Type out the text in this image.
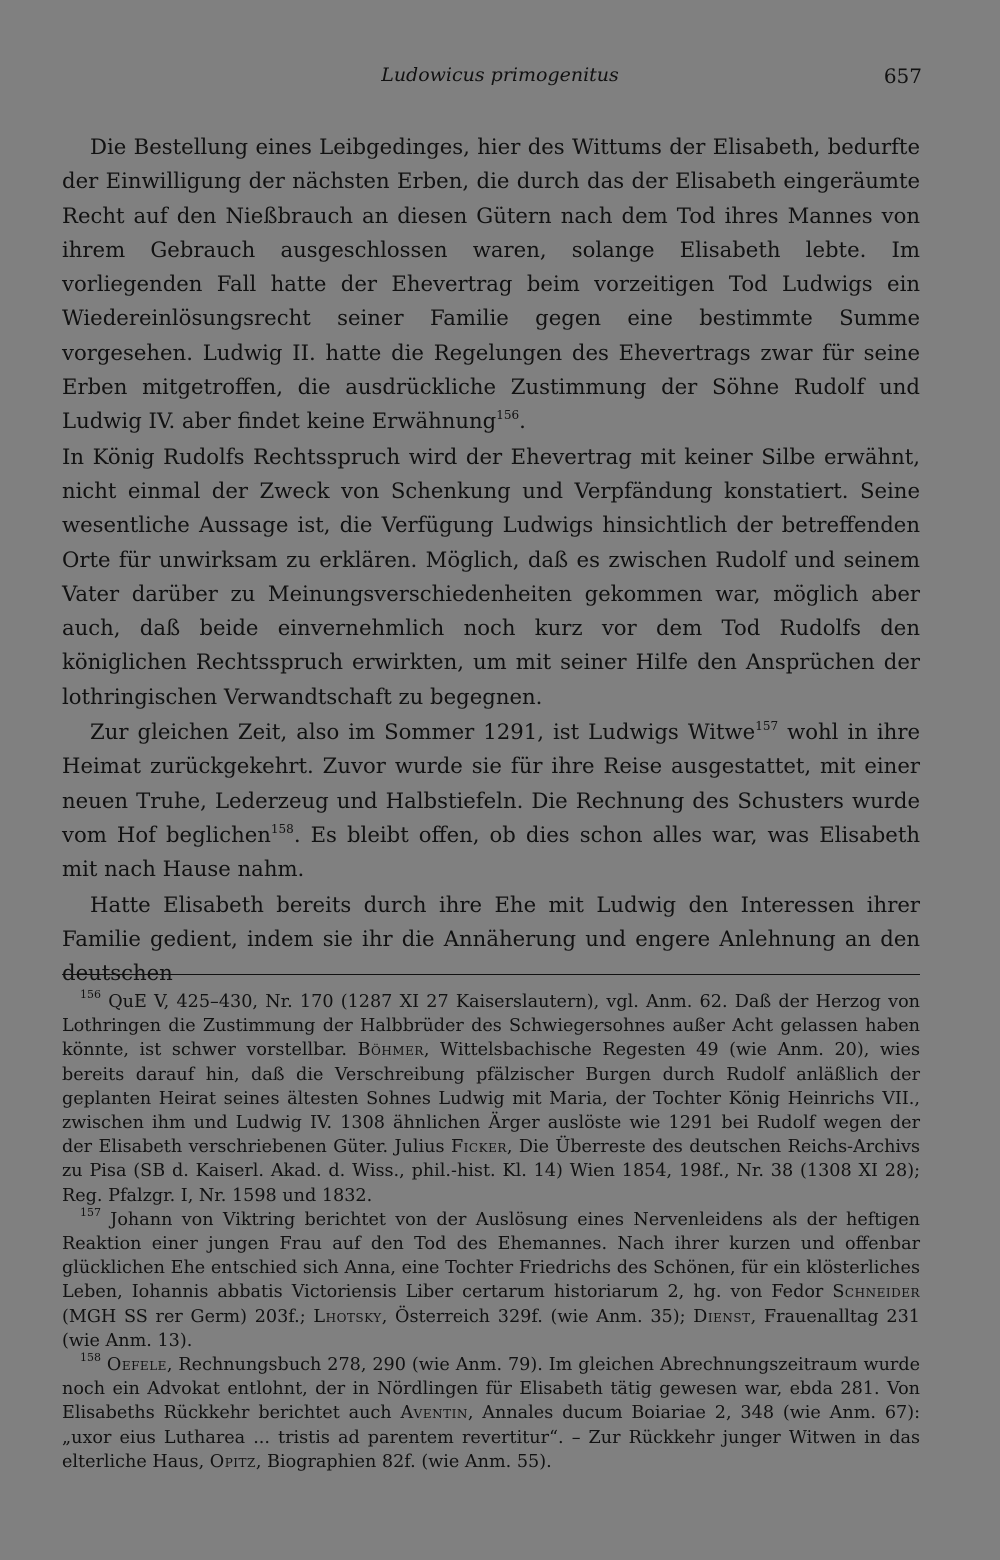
Ludowicus primogenitus	657

Die Bestellung eines Leibgedinges, hier des Wittums der Elisabeth, bedurfte der Einwilligung der nächsten Erben, die durch das der Elisabeth eingeräumte Recht auf den Nießbrauch an diesen Gütern nach dem Tod ihres Mannes von ihrem Gebrauch ausgeschlossen waren, solange Elisabeth lebte. Im vorliegenden Fall hatte der Ehevertrag beim vorzeitigen Tod Ludwigs ein Wiedereinlösungsrecht seiner Familie gegen eine bestimmte Summe vorgesehen. Ludwig II. hatte die Regelungen des Ehevertrags zwar für seine Erben mitgetroffen, die ausdrückliche Zustimmung der Söhne Rudolf und Ludwig IV. aber findet keine Erwähnung$^{156}$.

In König Rudolfs Rechtsspruch wird der Ehevertrag mit keiner Silbe erwähnt, nicht einmal der Zweck von Schenkung und Verpfändung konstatiert. Seine wesentliche Aussage ist, die Verfügung Ludwigs hinsichtlich der betreffenden Orte für unwirksam zu erklären. Möglich, daß es zwischen Rudolf und seinem Vater darüber zu Meinungsverschiedenheiten gekommen war, möglich aber auch, daß beide einvernehmlich noch kurz vor dem Tod Rudolfs den königlichen Rechtsspruch erwirkten, um mit seiner Hilfe den Ansprüchen der lothringischen Verwandtschaft zu begegnen.

Zur gleichen Zeit, also im Sommer 1291, ist Ludwigs Witwe$^{157}$ wohl in ihre Heimat zurückgekehrt. Zuvor wurde sie für ihre Reise ausgestattet, mit einer neuen Truhe, Lederzeug und Halbstiefeln. Die Rechnung des Schusters wurde vom Hof beglichen$^{158}$. Es bleibt offen, ob dies schon alles war, was Elisabeth mit nach Hause nahm.

Hatte Elisabeth bereits durch ihre Ehe mit Ludwig den Interessen ihrer Familie gedient, indem sie ihr die Annäherung und engere Anlehnung an den deutschen

$^{156}$ QuE V, 425–430, Nr. 170 (1287 XI 27 Kaiserslautern), vgl. Anm. 62. Daß der Herzog von Lothringen die Zustimmung der Halbbrüder des Schwiegersohnes außer Acht gelassen haben könnte, ist schwer vorstellbar. Böhmer, Wittelsbachische Regesten 49 (wie Anm. 20), wies bereits darauf hin, daß die Verschreibung pfälzischer Burgen durch Rudolf anläßlich der geplanten Heirat seines ältesten Sohnes Ludwig mit Maria, der Tochter König Heinrichs VII., zwischen ihm und Ludwig IV. 1308 ähnlichen Ärger auslöste wie 1291 bei Rudolf wegen der der Elisabeth verschriebenen Güter. Julius Ficker, Die Überreste des deutschen Reichs-Archivs zu Pisa (SB d. Kaiserl. Akad. d. Wiss., phil.-hist. Kl. 14) Wien 1854, 198f., Nr. 38 (1308 XI 28); Reg. Pfalzgr. I, Nr. 1598 und 1832.

$^{157}$ Johann von Viktring berichtet von der Auslösung eines Nervenleidens als der heftigen Reaktion einer jungen Frau auf den Tod des Ehemannes. Nach ihrer kurzen und offenbar glücklichen Ehe entschied sich Anna, eine Tochter Friedrichs des Schönen, für ein klösterliches Leben, Iohannis abbatis Victoriensis Liber certarum historiarum 2, hg. von Fedor Schneider (MGH SS rer Germ) 203f.; Lhotsky, Österreich 329f. (wie Anm. 35); Dienst, Frauenalltag 231 (wie Anm. 13).

$^{158}$ Oefele, Rechnungsbuch 278, 290 (wie Anm. 79). Im gleichen Abrechnungszeitraum wurde noch ein Advokat entlohnt, der in Nördlingen für Elisabeth tätig gewesen war, ebda 281. Von Elisabeths Rückkehr berichtet auch Aventin, Annales ducum Boiariae 2, 348 (wie Anm. 67): „uxor eius Lutharea ... tristis ad parentem revertitur“. – Zur Rückkehr junger Witwen in das elterliche Haus, Opitz, Biographien 82f. (wie Anm. 55).
